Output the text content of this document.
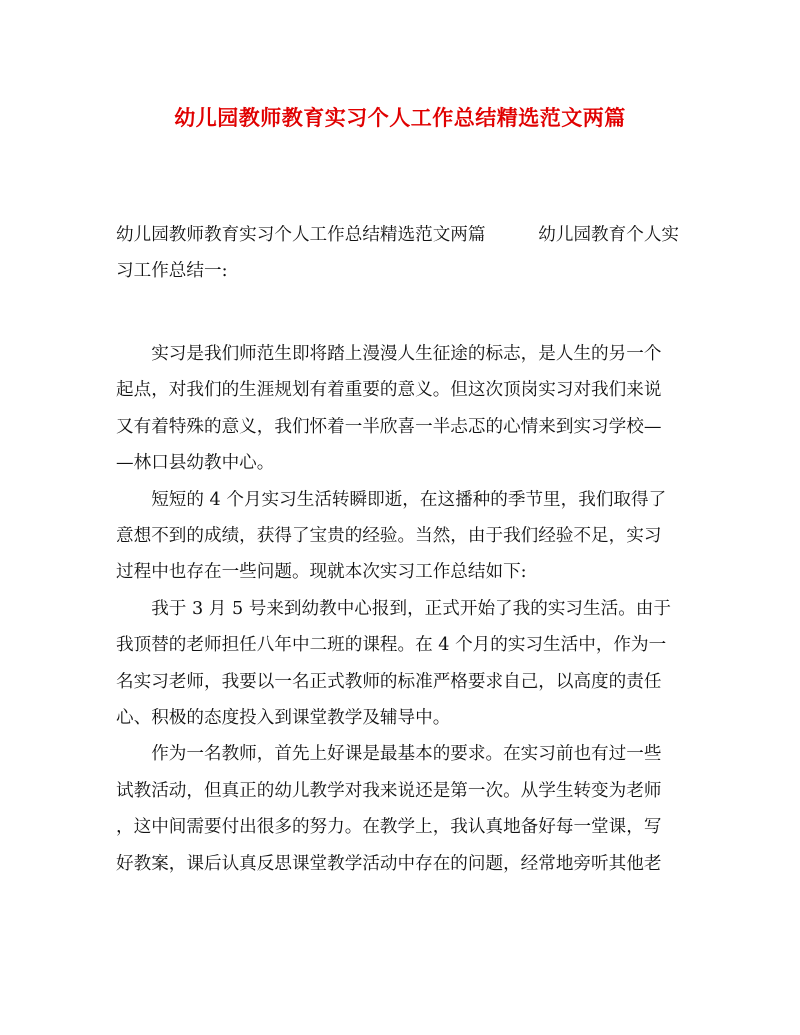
幼儿园教师教育实习个人工作总结精选范文两篇
幼儿园教师教育实习个人工作总结精选范文两篇　　　幼儿园教育个人实
习工作总结一:

实习是我们师范生即将踏上漫漫人生征途的标志，是人生的另一个
起点，对我们的生涯规划有着重要的意义。但这次顶岗实习对我们来说
又有着特殊的意义，我们怀着一半欣喜一半忐忑的心情来到实习学校—
—林口县幼教中心。

短短的 4 个月实习生活转瞬即逝，在这播种的季节里，我们取得了
意想不到的成绩，获得了宝贵的经验。当然，由于我们经验不足，实习
过程中也存在一些问题。现就本次实习工作总结如下:

我于 3 月 5 号来到幼教中心报到，正式开始了我的实习生活。由于
我顶替的老师担任八年中二班的课程。在 4 个月的实习生活中，作为一
名实习老师，我要以一名正式教师的标准严格要求自己，以高度的责任
心、积极的态度投入到课堂教学及辅导中。

作为一名教师，首先上好课是最基本的要求。在实习前也有过一些
试教活动，但真正的幼儿教学对我来说还是第一次。从学生转变为老师
，这中间需要付出很多的努力。在教学上，我认真地备好每一堂课，写
好教案，课后认真反思课堂教学活动中存在的问题，经常地旁听其他老
